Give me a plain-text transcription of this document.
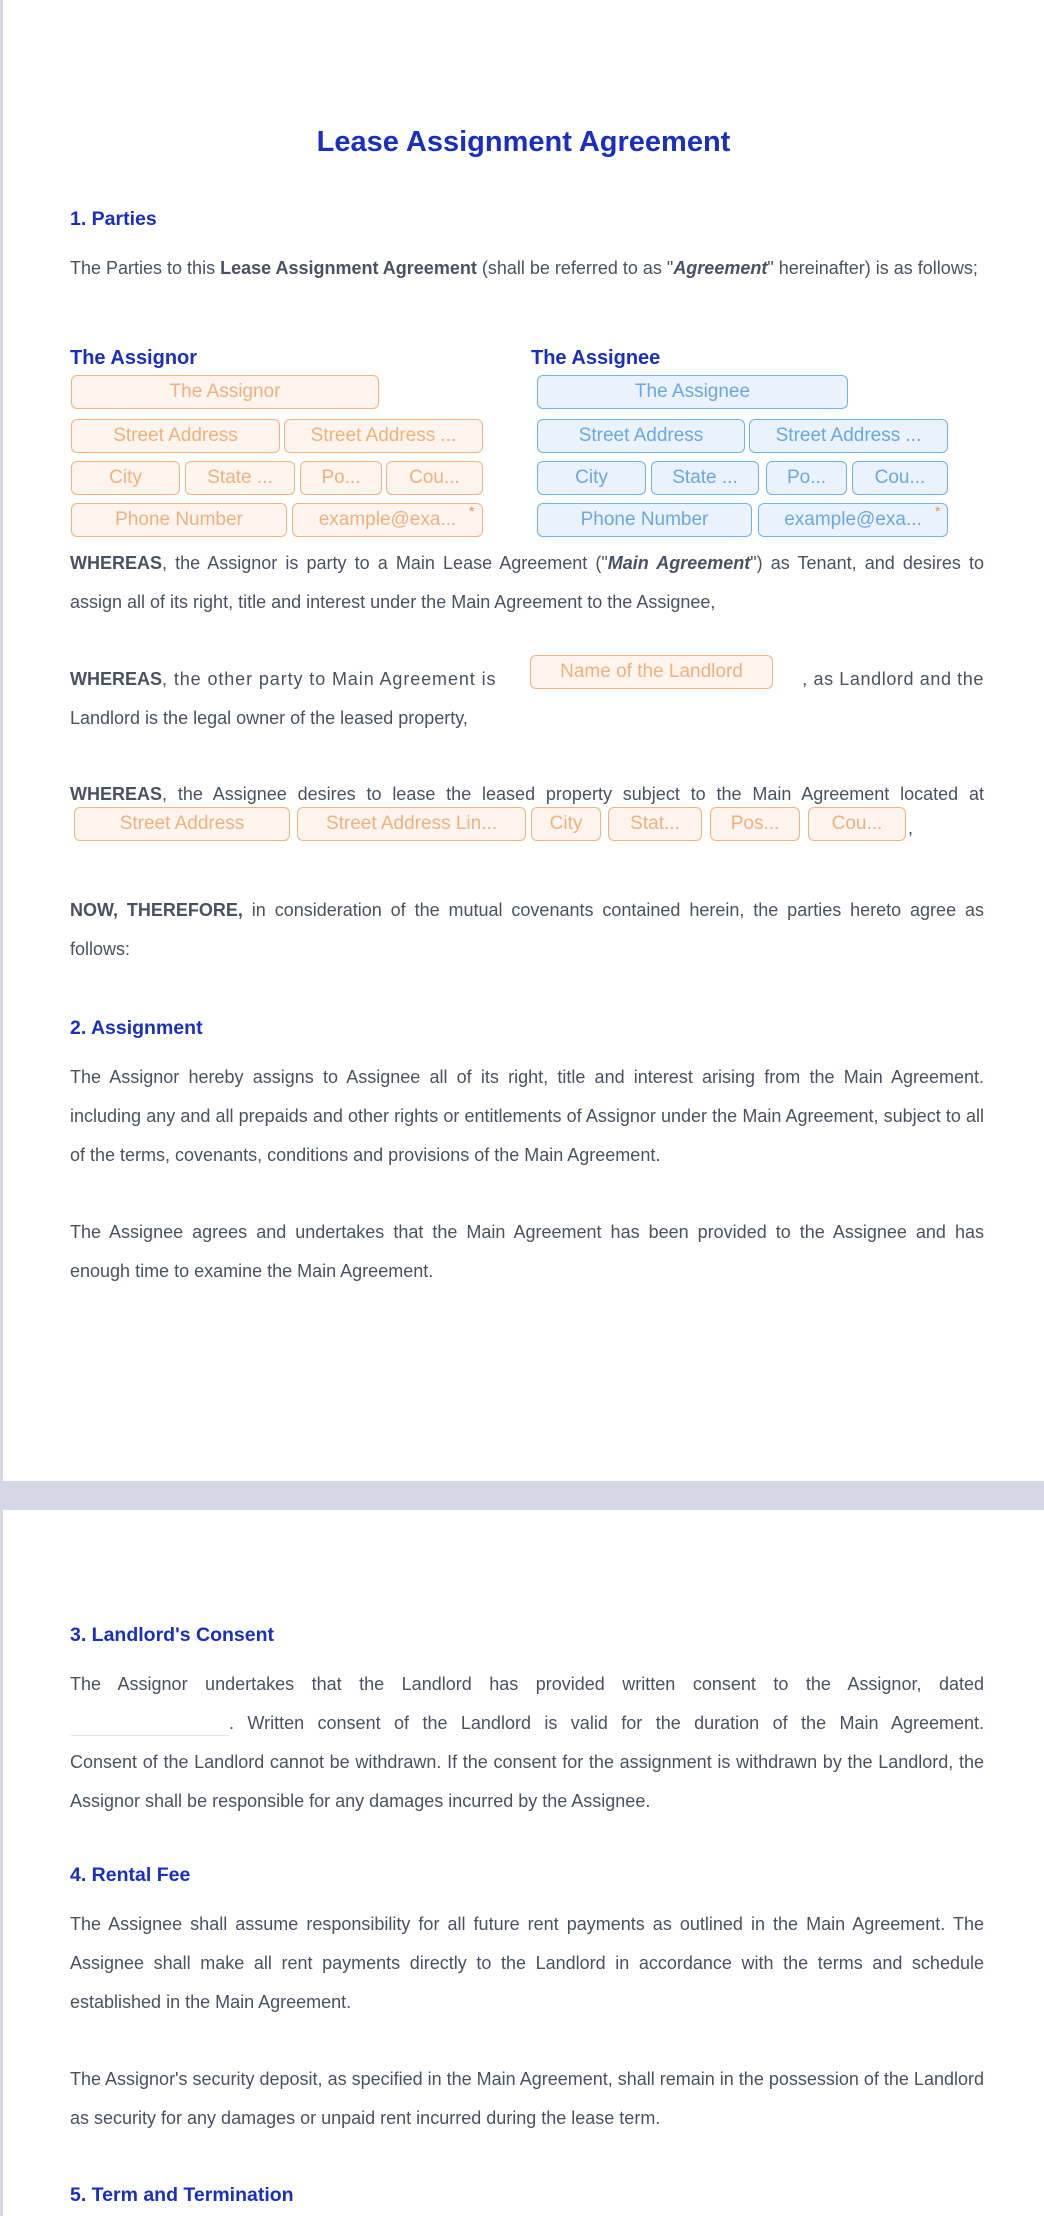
Lease Assignment Agreement
1. Parties

The Parties to this Lease Assignment Agreement (shall be referred to as "Agreement" hereinafter) is as follows;

The Assignor
The Assignor
Street Address	Street Address ...
City	State ...	Po...	Cou...
Phone Number	example@exa... *
The Assignee
The Assignee
Street Address	Street Address ...
City	State ...	Po...	Cou...
Phone Number	example@exa... *

WHEREAS, the Assignor is party to a Main Lease Agreement ("Main Agreement") as Tenant, and desires to assign all of its right, title and interest under the Main Agreement to the Assignee,

WHEREAS, the other party to Main Agreement is	, as Landlord and the
Landlord is the legal owner of the leased property,
Name of the Landlord
WHEREAS, the Assignee desires to lease the leased property subject to the Main Agreement located at
Street Address	Street Address Lin...	City	Stat...	Pos...	Cou...	,

NOW, THEREFORE, in consideration of the mutual covenants contained herein, the parties hereto agree as follows:

2. Assignment

The Assignor hereby assigns to Assignee all of its right, title and interest arising from the Main Agreement. including any and all prepaids and other rights or entitlements of Assignor under the Main Agreement, subject to all of the terms, covenants, conditions and provisions of the Main Agreement.

The Assignee agrees and undertakes that the Main Agreement has been provided to the Assignee and has enough time to examine the Main Agreement.

3. Landlord's Consent
The Assignor undertakes that the Landlord has provided written consent to the Assignor, dated
. Written consent of the Landlord is valid for the duration of the Main Agreement.
Consent of the Landlord cannot be withdrawn. If the consent for the assignment is withdrawn by the Landlord, the Assignor shall be responsible for any damages incurred by the Assignee.
4. Rental Fee

The Assignee shall assume responsibility for all future rent payments as outlined in the Main Agreement. The Assignee shall make all rent payments directly to the Landlord in accordance with the terms and schedule established in the Main Agreement.

The Assignor's security deposit, as specified in the Main Agreement, shall remain in the possession of the Landlord as security for any damages or unpaid rent incurred during the lease term.

5. Term and Termination
